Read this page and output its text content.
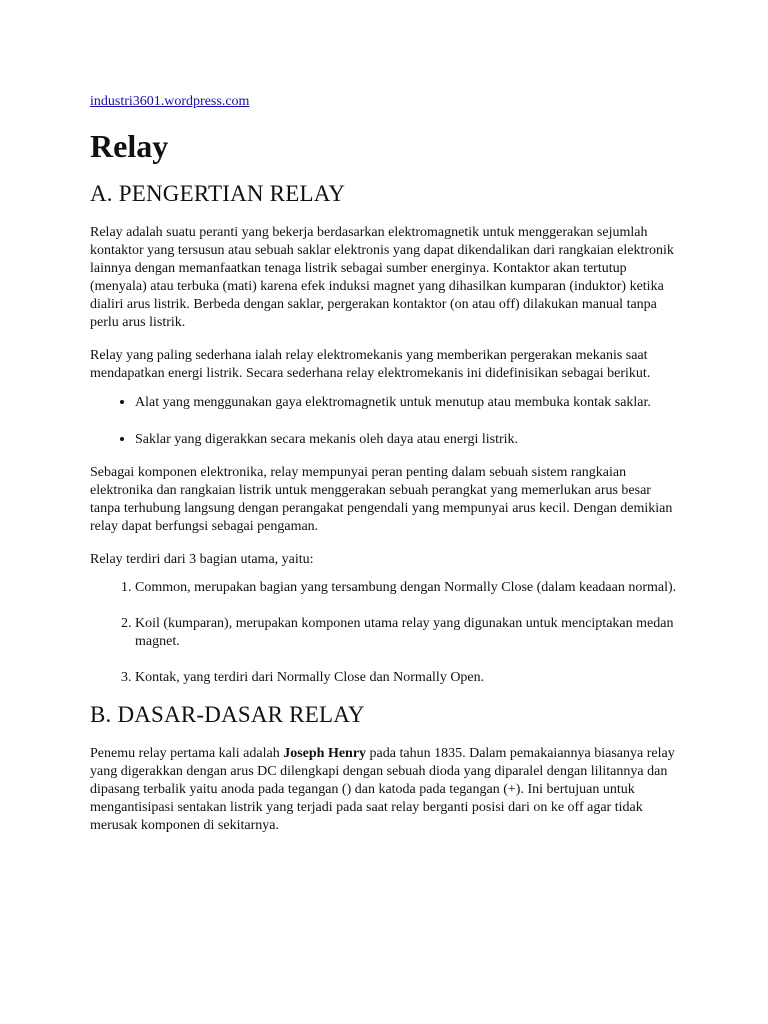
industri3601.wordpress.com
Relay
A. PENGERTIAN RELAY

Relay adalah suatu peranti yang bekerja berdasarkan elektromagnetik untuk menggerakan sejumlah kontaktor yang tersusun atau sebuah saklar elektronis yang dapat dikendalikan dari rangkaian elektronik lainnya dengan memanfaatkan tenaga listrik sebagai sumber energinya. Kontaktor akan tertutup (menyala) atau terbuka (mati) karena efek induksi magnet yang dihasilkan kumparan (induktor) ketika dialiri arus listrik. Berbeda dengan saklar, pergerakan kontaktor (on atau off) dilakukan manual tanpa perlu arus listrik.

Relay yang paling sederhana ialah relay elektromekanis yang memberikan pergerakan mekanis saat mendapatkan energi listrik. Secara sederhana relay elektromekanis ini didefinisikan sebagai berikut.

• Alat yang menggunakan gaya elektromagnetik untuk menutup atau membuka kontak saklar.
• Saklar yang digerakkan secara mekanis oleh daya atau energi listrik.

Sebagai komponen elektronika, relay mempunyai peran penting dalam sebuah sistem rangkaian elektronika dan rangkaian listrik untuk menggerakan sebuah perangkat yang memerlukan arus besar tanpa terhubung langsung dengan perangakat pengendali yang mempunyai arus kecil. Dengan demikian relay dapat berfungsi sebagai pengaman.

Relay terdiri dari 3 bagian utama, yaitu:

1. Common, merupakan bagian yang tersambung dengan Normally Close (dalam keadaan normal).
2. Koil (kumparan), merupakan komponen utama relay yang digunakan untuk menciptakan medan magnet.
3. Kontak, yang terdiri dari Normally Close dan Normally Open.
B. DASAR-DASAR RELAY

Penemu relay pertama kali adalah Joseph Henry pada tahun 1835. Dalam pemakaiannya biasanya relay yang digerakkan dengan arus DC dilengkapi dengan sebuah dioda yang diparalel dengan lilitannya dan dipasang terbalik yaitu anoda pada tegangan () dan katoda pada tegangan (+). Ini bertujuan untuk mengantisipasi sentakan listrik yang terjadi pada saat relay berganti posisi dari on ke off agar tidak merusak komponen di sekitarnya.
